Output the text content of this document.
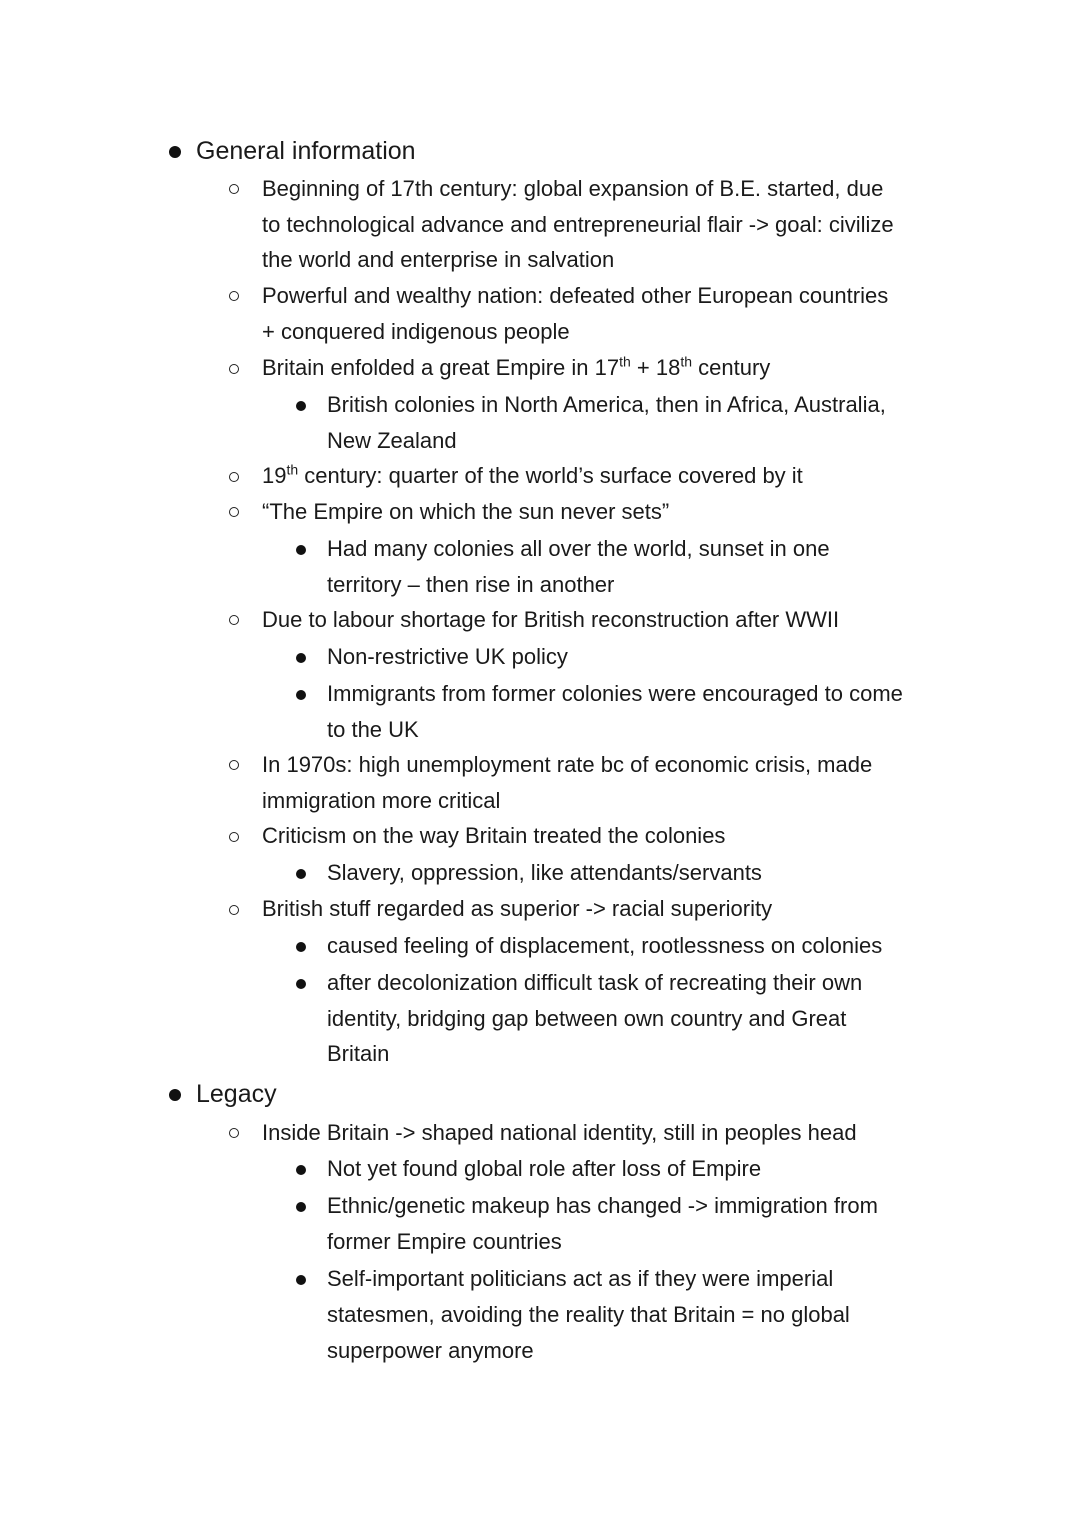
General information
Beginning of 17th century: global expansion of B.E. started, due
to technological advance and entrepreneurial flair -> goal: civilize
the world and enterprise in salvation
Powerful and wealthy nation: defeated other European countries
+ conquered indigenous people
Britain enfolded a great Empire in 17th + 18th century
British colonies in North America, then in Africa, Australia,
New Zealand
19th century: quarter of the world’s surface covered by it
“The Empire on which the sun never sets”
Had many colonies all over the world, sunset in one
territory – then rise in another
Due to labour shortage for British reconstruction after WWII
Non-restrictive UK policy
Immigrants from former colonies were encouraged to come
to the UK
In 1970s: high unemployment rate bc of economic crisis, made
immigration more critical
Criticism on the way Britain treated the colonies
Slavery, oppression, like attendants/servants
British stuff regarded as superior -> racial superiority
caused feeling of displacement, rootlessness on colonies
after decolonization difficult task of recreating their own
identity, bridging gap between own country and Great
Britain
Legacy
Inside Britain -> shaped national identity, still in peoples head
Not yet found global role after loss of Empire
Ethnic/genetic makeup has changed -> immigration from
former Empire countries
Self-important politicians act as if they were imperial
statesmen, avoiding the reality that Britain = no global
superpower anymore
